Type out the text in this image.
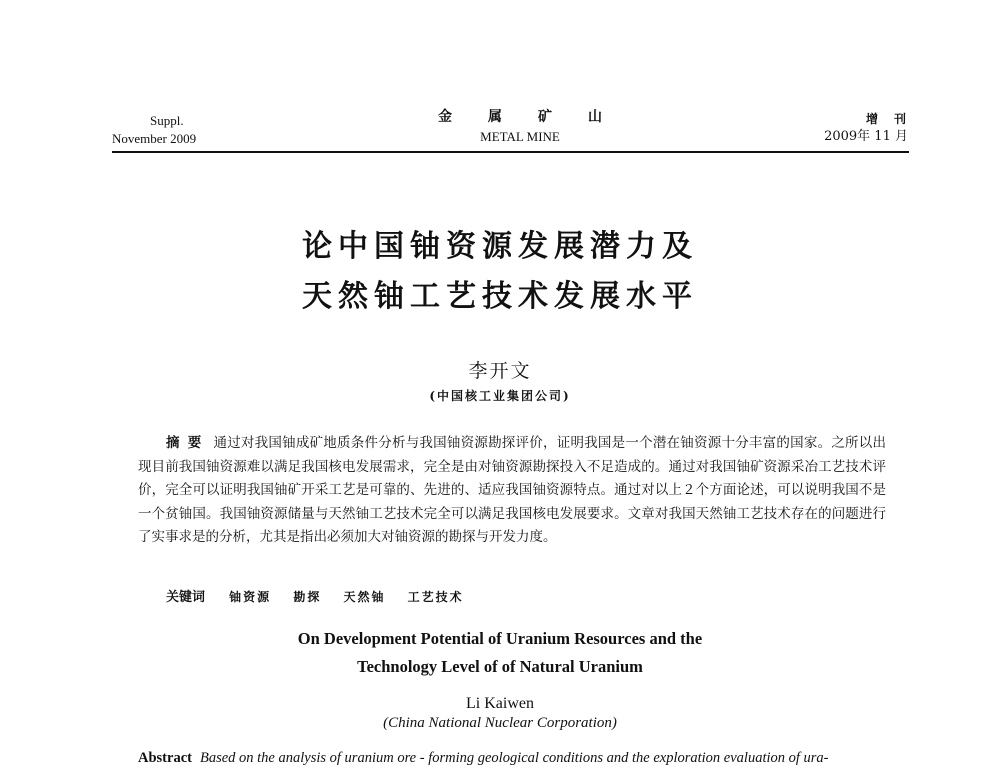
Suppl.
November 2009
金属矿山
METAL MINE
增刊
2009年 11 月
论中国铀资源发展潜力及
天然铀工艺技术发展水平
李开文
(中国核工业集团公司)
摘要 通过对我国铀成矿地质条件分析与我国铀资源勘探评价，证明我国是一个潜在铀资源十分丰富的国家。之所以出现目前我国铀资源难以满足我国核电发展需求，完全是由对铀资源勘探投入不足造成的。通过对我国铀矿资源采冶工艺技术评价，完全可以证明我国铀矿开采工艺是可靠的、先进的、适应我国铀资源特点。通过对以上２个方面论述，可以说明我国不是一个贫铀国。我国铀资源储量与天然铀工艺技术完全可以满足我国核电发展要求。文章对我国天然铀工艺技术存在的问题进行了实事求是的分析，尤其是指出必须加大对铀资源的勘探与开发力度。
关键词 铀资源 勘探 天然铀 工艺技术
On Development Potential of Uranium Resources and the
Technology Level of of Natural Uranium
Li Kaiwen
(China National Nuclear Corporation)
Abstract Based on the analysis of uranium ore - forming geological conditions and the exploration evaluation of ura-
